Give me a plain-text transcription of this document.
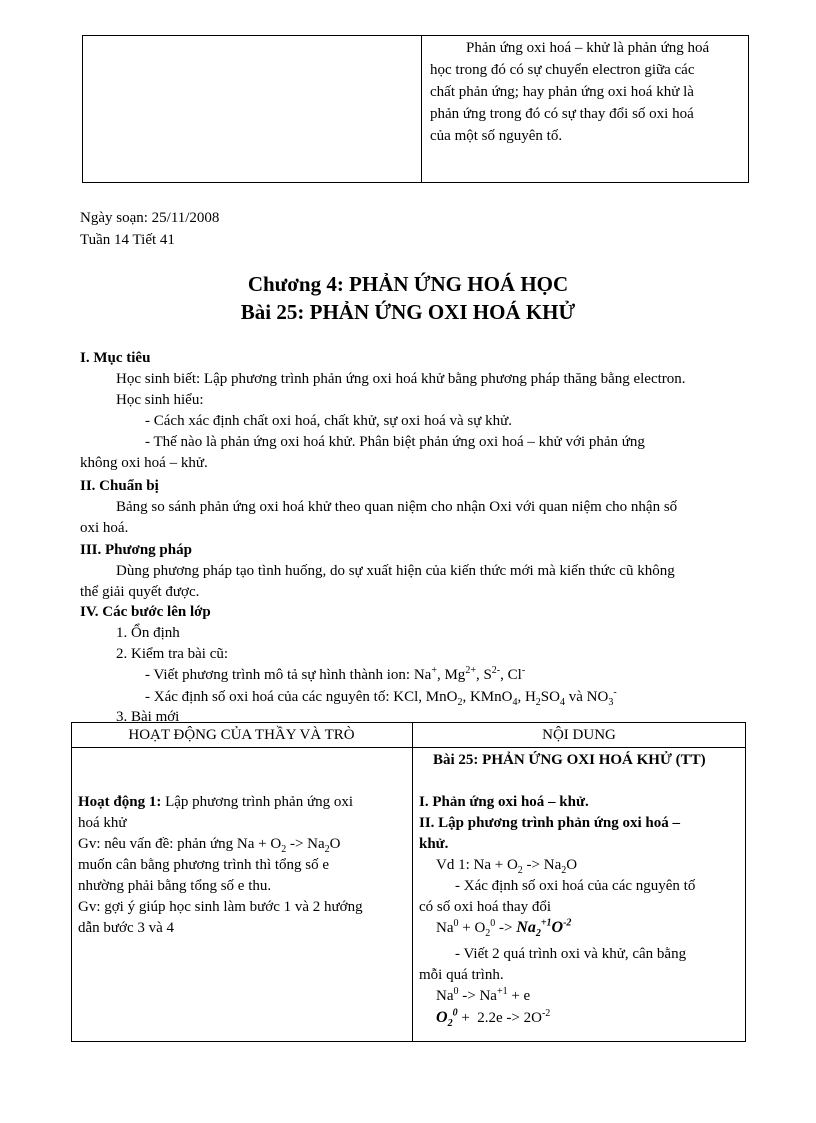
Phản ứng oxi hoá – khử là phản ứng hoá
học trong đó có sự chuyển electron giữa các
chất phản ứng; hay phản ứng oxi hoá khử là
phản ứng trong đó có sự thay đổi số oxi hoá
của một số nguyên tố.
Ngày soạn: 25/11/2008
Tuần 14 Tiết 41
Chương 4: PHẢN ỨNG HOÁ HỌC
Bài 25: PHẢN ỨNG OXI HOÁ KHỬ
I. Mục tiêu
Học sinh biết: Lập phương trình phản ứng oxi hoá khử bằng phương pháp thăng bằng electron.
Học sinh hiểu:
- Cách xác định chất oxi hoá, chất khử, sự oxi hoá và sự khử.
- Thế nào là phản ứng oxi hoá khử. Phân biệt phản ứng oxi hoá – khử với phản ứng
không oxi hoá – khử.
II. Chuẩn bị
Bảng so sánh phản ứng oxi hoá khử theo quan niệm cho nhận Oxi với quan niệm cho nhận số
oxi hoá.
III. Phương pháp
Dùng phương pháp tạo tình huống, do sự xuất hiện của kiến thức mới mà kiến thức cũ không
thể giải quyết được.
IV. Các bước lên lớp
1. Ổn định
2. Kiểm tra bài cũ:
- Viết phương trình mô tả sự hình thành ion: Na+, $Mg^{2+}$, $S^{2-}$, Cl-
- Xác định số oxi hoá của các nguyên tố: KCl, MnO$_2$, KMnO$_4$, $H_2SO_4$ và $NO_3^-$
3. Bài mới
HOẠT ĐỘNG CỦA THẦY VÀ TRÒ	NỘI DUNG
Bài 25: PHẢN ỨNG OXI HOÁ KHỬ (TT)
Hoạt động 1: Lập phương trình phản ứng oxi
hoá khử
Gv: nêu vấn đề: phản ứng $Na + O_2 -> Na_2O$
muốn cân bằng phương trình thì tổng số e
nhường phải bằng tổng số e thu.
Gv: gợi ý giúp học sinh làm bước 1 và 2 hướng
dẫn bước 3 và 4
I. Phản ứng oxi hoá – khử.
II. Lập phương trình phản ứng oxi hoá –
khử.
Vd 1: $Na + O_2 -> Na_2O$
- Xác định số oxi hoá của các nguyên tố
có số oxi hoá thay đổi
$Na^0 + O_2^0 -> Na_2^{+1}O^{-2}$
- Viết 2 quá trình oxi và khử, cân bằng
mỗi quá trình.
$Na^0 -> Na^{+1} + e$
$O_2^0 + 2.2e -> 2O^{-2}$
